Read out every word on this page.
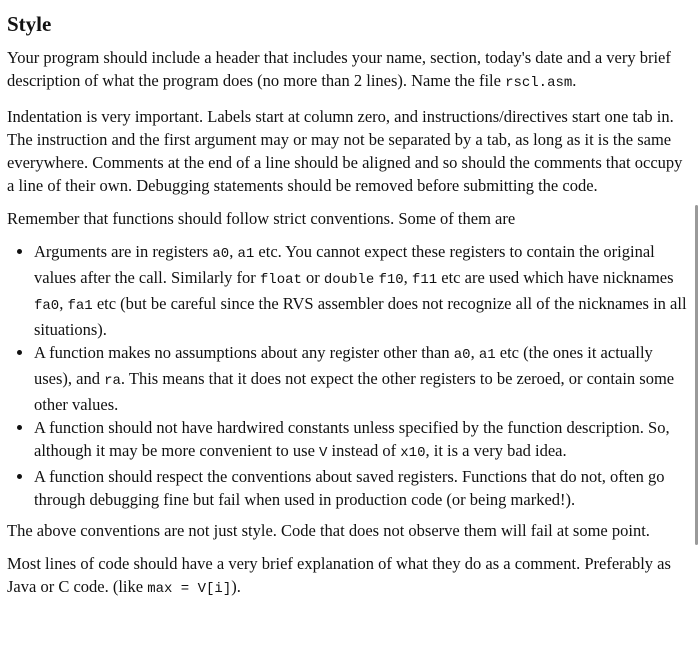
Style

Your program should include a header that includes your name, section, today's date and a very brief description of what the program does (no more than 2 lines). Name the file rscl.asm.

Indentation is very important. Labels start at column zero, and instructions/directives start one tab in. The instruction and the first argument may or may not be separated by a tab, as long as it is the same everywhere. Comments at the end of a line should be aligned and so should the comments that occupy a line of their own. Debugging statements should be removed before submitting the code.

Remember that functions should follow strict conventions. Some of them are

• Arguments are in registers a0, a1 etc. You cannot expect these registers to contain the original values after the call. Similarly for float or double f10, f11 etc are used which have nicknames fa0, fa1 etc (but be careful since the RVS assembler does not recognize all of the nicknames in all situations).
• A function makes no assumptions about any register other than a0, a1 etc (the ones it actually uses), and ra. This means that it does not expect the other registers to be zeroed, or contain some other values.
• A function should not have hardwired constants unless specified by the function description. So, although it may be more convenient to use V instead of x10, it is a very bad idea.
• A function should respect the conventions about saved registers. Functions that do not, often go through debugging fine but fail when used in production code (or being marked!).

The above conventions are not just style. Code that does not observe them will fail at some point.

Most lines of code should have a very brief explanation of what they do as a comment. Preferably as Java or C code. (like max = V[i]).
